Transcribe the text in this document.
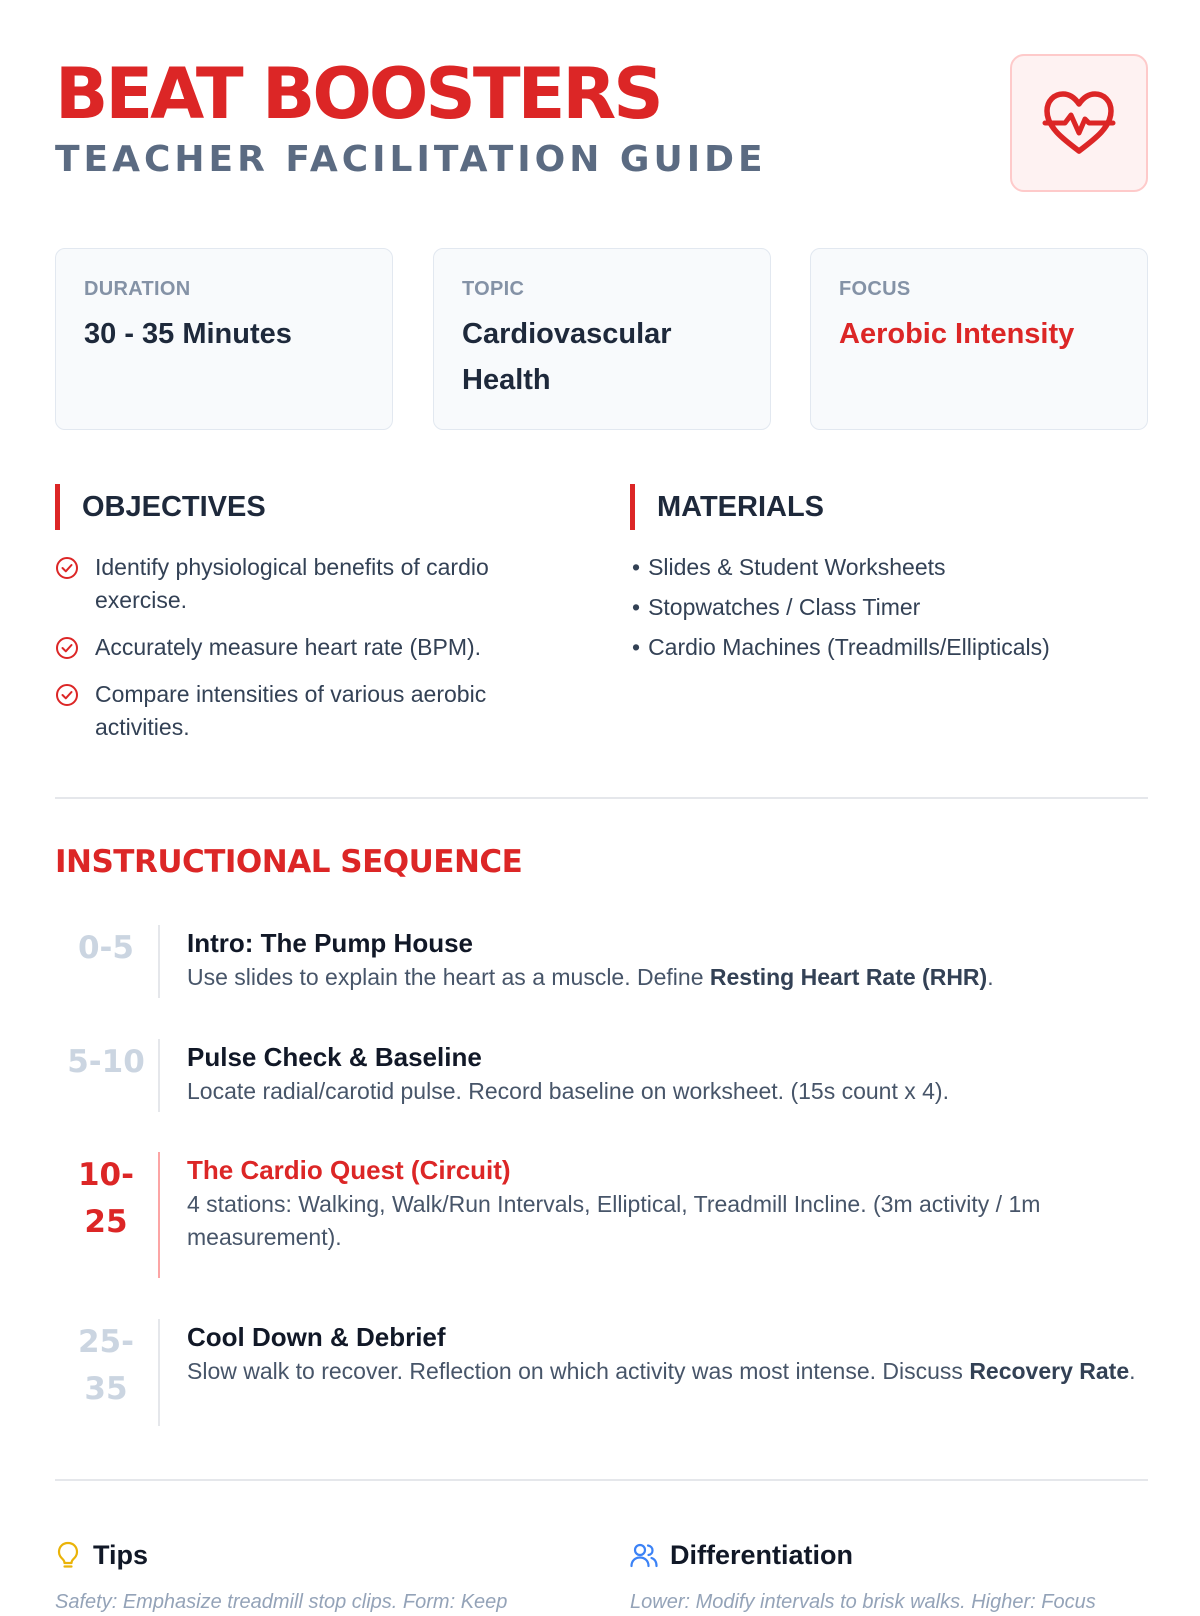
BEAT BOOSTERS
TEACHER FACILITATION GUIDE
DURATION
30 - 35 Minutes
TOPIC
Cardiovascular Health
FOCUS
Aerobic Intensity
OBJECTIVES
Identify physiological benefits of cardio exercise.
Accurately measure heart rate (BPM).
Compare intensities of various aerobic activities.
MATERIALS
• Slides & Student Worksheets
• Stopwatches / Class Timer
• Cardio Machines (Treadmills/Ellipticals)
INSTRUCTIONAL SEQUENCE
0-5	Intro: The Pump House
Use slides to explain the heart as a muscle. Define Resting Heart Rate (RHR).
5-10	Pulse Check & Baseline
Locate radial/carotid pulse. Record baseline on worksheet. (15s count x 4).
10-
25
The Cardio Quest (Circuit)
4 stations: Walking, Walk/Run Intervals, Elliptical, Treadmill Incline. (3m activity / 1m measurement).
25-
35
Cool Down & Debrief
Slow walk to recover. Reflection on which activity was most intense. Discuss Recovery Rate.
Tips
Safety: Emphasize treadmill stop clips. Form: Keep
Differentiation
Lower: Modify intervals to brisk walks. Higher: Focus
